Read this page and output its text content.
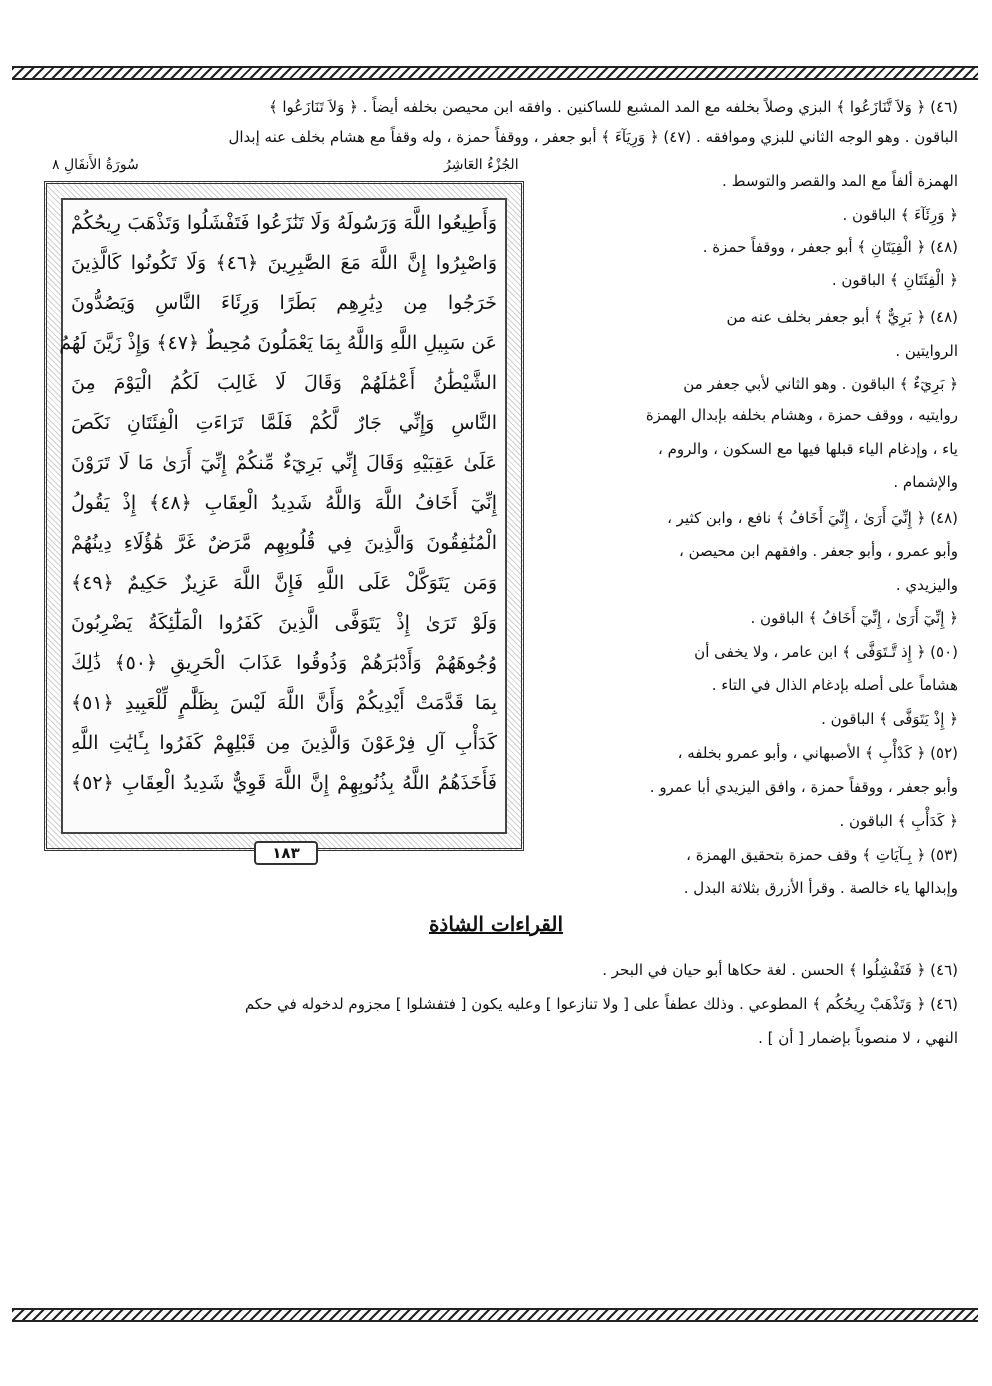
(٤٦) ﴿ وَلاَ تَّنَازَعُوا ﴾ البزي وصلاً بخلفه مع المد المشبع للساكنين . وافقه ابن محيصن بخلفه أيضاً . ﴿ وَلاَ تَنَازَعُوا ﴾
الباقون . وهو الوجه الثاني للبزي وموافقه . (٤٧) ﴿ وَرِيَآءَ ﴾ أبو جعفر ، ووقفاً حمزة ، وله وقفاً مع هشام بخلف عنه إبدال
الهمزة ألفاً مع المد والقصر والتوسط .
﴿ وَرِئَآءَ ﴾ الباقون .
(٤٨) ﴿ الْفِيَتَانِ ﴾ أبو جعفر ، ووقفاً حمزة .
﴿ الْفِئَتَانِ ﴾ الباقون .
(٤٨) ﴿ بَرِيٌّ ﴾ أبو جعفر بخلف عنه من
الروايتين .
﴿ بَرِيٓءٌ ﴾ الباقون . وهو الثاني لأبي جعفر من
روايتيه ، ووقف حمزة ، وهشام بخلفه بإبدال الهمزة
ياء ، وإدغام الياء قبلها فيها مع السكون ، والروم ،
والإشمام .
(٤٨) ﴿ إِنِّيَ أَرَىٰ ، إِنِّيَ أَخَافُ ﴾ نافع ، وابن كثير ،
وأبو عمرو ، وأبو جعفر . وافقهم ابن محيصن ،
واليزيدي .
﴿ إِنِّيٓ أَرَىٰ ، إِنِّيٓ أَخَافُ ﴾ الباقون .
(٥٠) ﴿ إِذ تَّـتَوَفَّى ﴾ ابن عامر ، ولا يخفى أن
هشاماً على أصله بإدغام الذال في التاء .
﴿ إِذْ يَتَوَفَّى ﴾ الباقون .
(٥٢) ﴿ كَدْأْبِ ﴾ الأصبهاني ، وأبو عمرو بخلفه ،
وأبو جعفر ، ووقفاً حمزة ، وافق اليزيدي أبا عمرو .
﴿ كَدَأْبِ ﴾ الباقون .
(٥٣) ﴿ بِـآيَاتِ ﴾ وقف حمزة بتحقيق الهمزة ،
وإبدالها ياء خالصة . وقرأ الأزرق بثلاثة البدل .
الجُزْءُ العَاشِرُ
سُورَةُ الأَنفَالِ ٨
وَأَطِيعُوا اللَّهَ وَرَسُولَهُ وَلَا تَنَٰزَعُوا فَتَفْشَلُوا وَتَذْهَبَ رِيحُكُمْ
وَاصْبِرُوا إِنَّ اللَّهَ مَعَ الصَّٰبِرِينَ ﴿٤٦﴾ وَلَا تَكُونُوا كَالَّذِينَ
خَرَجُوا مِن دِيَٰرِهِم بَطَرًا وَرِئَاءَ النَّاسِ وَيَصُدُّونَ
عَن سَبِيلِ اللَّهِ وَاللَّهُ بِمَا يَعْمَلُونَ مُحِيطٌ ﴿٤٧﴾ وَإِذْ زَيَّنَ لَهُمُ
الشَّيْطَٰنُ أَعْمَٰلَهُمْ وَقَالَ لَا غَالِبَ لَكُمُ الْيَوْمَ مِنَ
النَّاسِ وَإِنِّي جَارٌ لَّكُمْ فَلَمَّا تَرَاءَتِ الْفِئَتَانِ نَكَصَ
عَلَىٰ عَقِبَيْهِ وَقَالَ إِنِّي بَرِيٓءٌ مِّنكُمْ إِنِّيٓ أَرَىٰ مَا لَا تَرَوْنَ
إِنِّيٓ أَخَافُ اللَّهَ وَاللَّهُ شَدِيدُ الْعِقَابِ ﴿٤٨﴾ إِذْ يَقُولُ
الْمُنَٰفِقُونَ وَالَّذِينَ فِي قُلُوبِهِم مَّرَضٌ غَرَّ هَٰؤُلَاءِ دِينُهُمْ
وَمَن يَتَوَكَّلْ عَلَى اللَّهِ فَإِنَّ اللَّهَ عَزِيزٌ حَكِيمٌ ﴿٤٩﴾
وَلَوْ تَرَىٰ إِذْ يَتَوَفَّى الَّذِينَ كَفَرُوا الْمَلَٰٓئِكَةُ يَضْرِبُونَ
وُجُوهَهُمْ وَأَدْبَٰرَهُمْ وَذُوقُوا عَذَابَ الْحَرِيقِ ﴿٥٠﴾ ذَٰلِكَ
بِمَا قَدَّمَتْ أَيْدِيكُمْ وَأَنَّ اللَّهَ لَيْسَ بِظَلَّٰمٍ لِّلْعَبِيدِ ﴿٥١﴾
كَدَأْبِ آلِ فِرْعَوْنَ وَالَّذِينَ مِن قَبْلِهِمْ كَفَرُوا بِـَٔايَٰتِ اللَّهِ
فَأَخَذَهُمُ اللَّهُ بِذُنُوبِهِمْ إِنَّ اللَّهَ قَوِيٌّ شَدِيدُ الْعِقَابِ ﴿٥٢﴾
١٨٣
القراءات الشاذة
(٤٦) ﴿ فَتَفْشِلُوا ﴾ الحسن . لغة حكاها أبو حيان في البحر .
(٤٦) ﴿ وَتَذْهَبْ رِيحُكُم ﴾ المطوعي . وذلك عطفاً على [ ولا تنازعوا ] وعليه يكون [ فتفشلوا ] مجزوم لدخوله في حكم
النهي ، لا منصوباً بإضمار [ أن ] .
